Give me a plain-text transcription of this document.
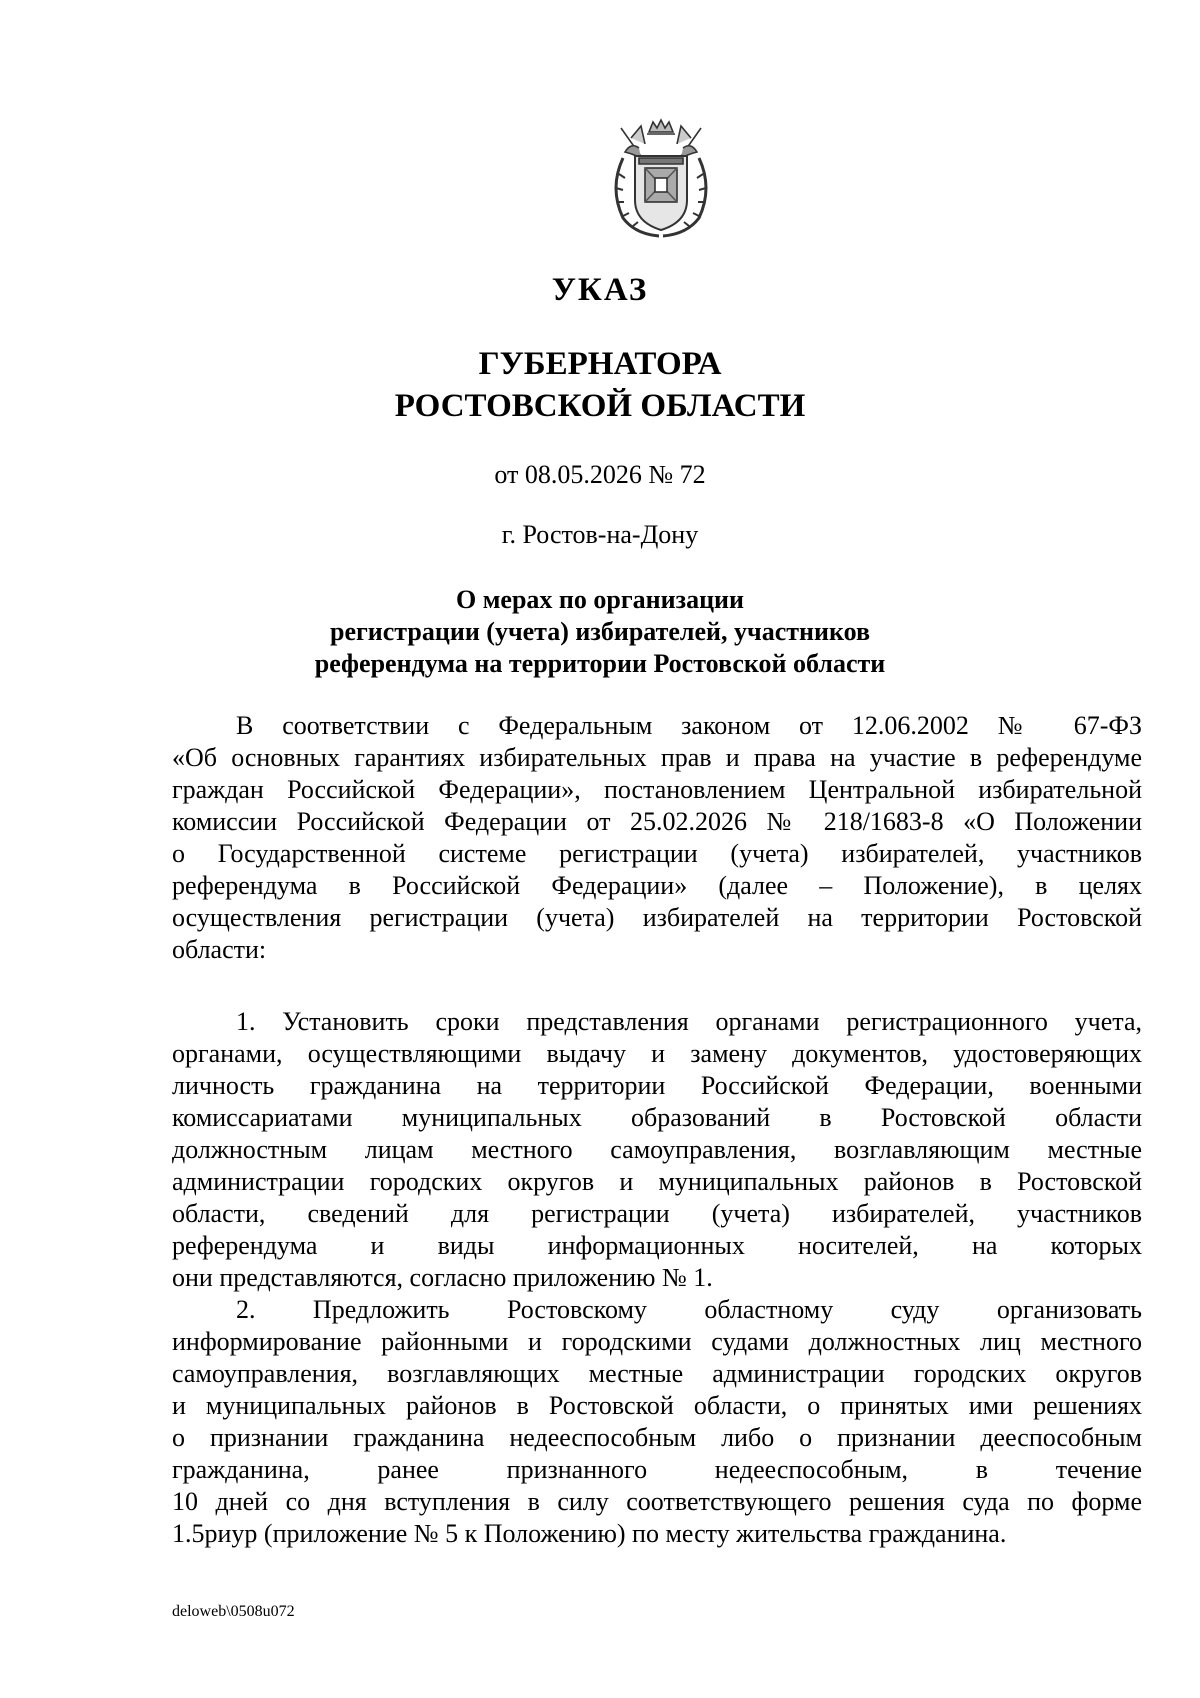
УКАЗ
ГУБЕРНАТОРА
РОСТОВСКОЙ ОБЛАСТИ
от 08.05.2026 № 72
г. Ростов-на-Дону
О мерах по организации
регистрации (учета) избирателей, участников
референдума на территории Ростовской области
В соответствии с Федеральным законом от 12.06.2002 № 67-ФЗ
«Об основных гарантиях избирательных прав и права на участие в референдуме
граждан Российской Федерации», постановлением Центральной избирательной
комиссии Российской Федерации от 25.02.2026 № 218/1683-8 «О Положении
о Государственной системе регистрации (учета) избирателей, участников
референдума в Российской Федерации» (далее – Положение), в целях
осуществления регистрации (учета) избирателей на территории Ростовской
области:
1. Установить сроки представления органами регистрационного учета,
органами, осуществляющими выдачу и замену документов, удостоверяющих
личность гражданина на территории Российской Федерации, военными
комиссариатами муниципальных образований в Ростовской области
должностным лицам местного самоуправления, возглавляющим местные
администрации городских округов и муниципальных районов в Ростовской
области, сведений для регистрации (учета) избирателей, участников
референдума и виды информационных носителей, на которых
они представляются, согласно приложению № 1.
2. Предложить Ростовскому областному суду организовать
информирование районными и городскими судами должностных лиц местного
самоуправления, возглавляющих местные администрации городских округов
и муниципальных районов в Ростовской области, о принятых ими решениях
о признании гражданина недееспособным либо о признании дееспособным
гражданина, ранее признанного недееспособным, в течение
10 дней со дня вступления в силу соответствующего решения суда по форме
1.5риур (приложение № 5 к Положению) по месту жительства гражданина.
deloweb\0508u072
